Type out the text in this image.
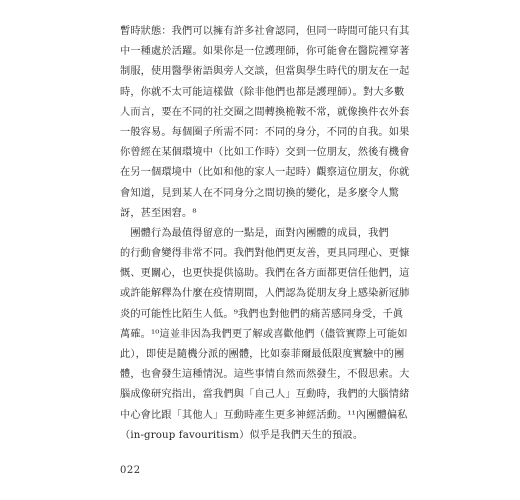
暫時狀態：我們可以擁有許多社會認同，但同一時間可能只有其
中一種處於活躍。如果你是一位護理師，你可能會在醫院裡穿著
制服，使用醫學術語與旁人交談，但當與學生時代的朋友在一起
時，你就不太可能這樣做（除非他們也都是護理師）。對大多數
人而言，要在不同的社交圈之間轉換桅鞍不常，就像換件衣外套
一般容易。每個圈子所需不同：不同的身分，不同的自我。如果
你曾經在某個環境中（比如工作時）交到一位朋友，然後有機會
在另一個環境中（比如和他的家人一起時）觀察這位朋友，你就
會知道，見到某人在不同身分之間切換的變化，是多麼令人驚
訝，甚至困窘。⁸
　團體行為最值得留意的一點是，面對內團體的成員，我們
的行動會變得非常不同。我們對他們更友善，更具同理心、更慷
慨、更關心，也更快提供協助。我們在各方面都更信任他們，這
或許能解釋為什麼在疫情期間，人們認為從朋友身上感染新冠肺
炎的可能性比陌生人低。⁹我們也對他們的痛苦感同身受，千眞
萬確。¹⁰這並非因為我們更了解或喜歡他們（儘管實際上可能如
此），即使是隨機分派的團體，比如泰菲爾最低限度實驗中的團
體，也會發生這種情況。這些事情自然而然發生，不假思索。大
腦成像研究指出，當我們與「自己人」互動時，我們的大腦情緒
中心會比跟「其他人」互動時產生更多神經活動。¹¹內團體偏私
（in-group favouritism）似乎是我們天生的預設。
022
